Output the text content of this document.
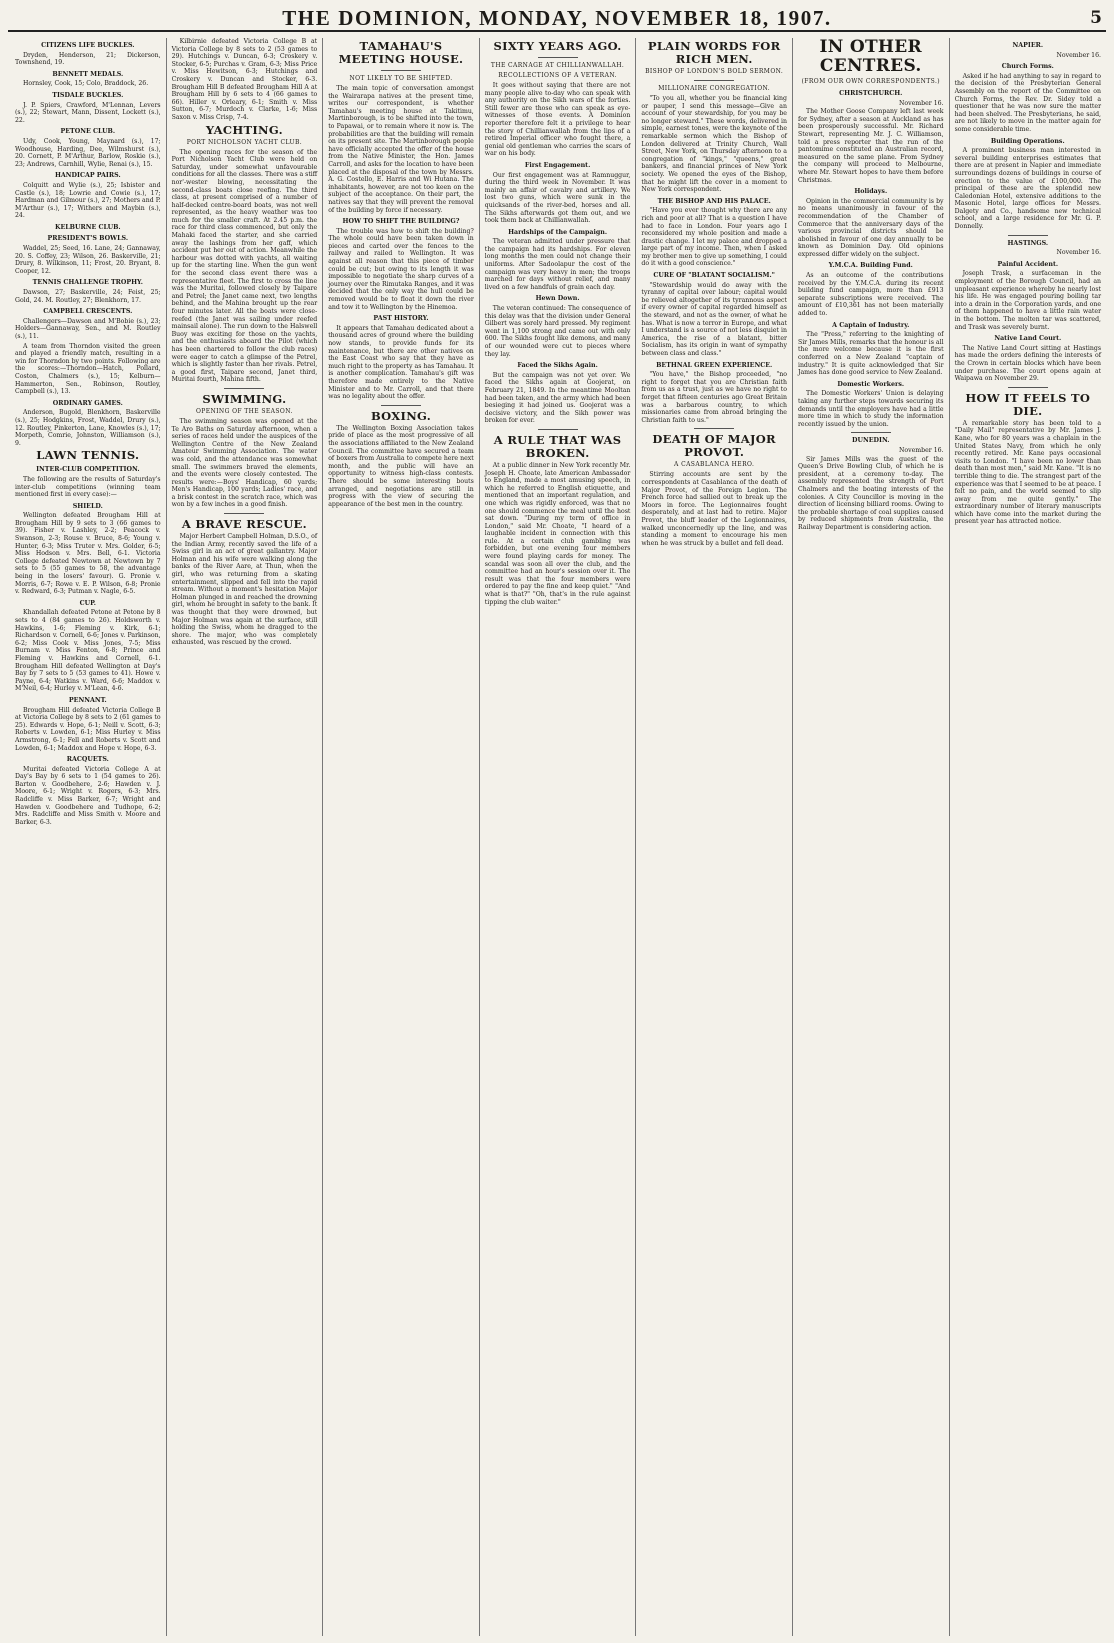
THE DOMINION, MONDAY, NOVEMBER 18, 1907.	5
CITIZENS LIFE BUCKLES.

Dryden, Henderson, 21; Dickerson, Townshend, 19.

BENNETT MEDALS.

Hornsley, Cook, 15; Colo, Braddock, 26.

TISDALE BUCKLES.

J. P. Spiers, Crawford, M'Lennan, Levers (s.), 22; Stewart, Mann, Dissent, Lockett (s.), 22.

PETONE CLUB.

Udy, Cook, Young, Maynard (s.), 17; Woodhouse, Harding, Dee, Wilmshurst (s.), 20. Cornett, P. M'Arthur, Barlow, Roskie (s.), 23; Andrews, Carnhill, Wylie, Renai (s.), 15.

HANDICAP PAIRS.

Colquitt and Wylie (s.), 25; Isbister and Castle (s.), 18; Lowrie and Cowie (s.), 17; Hardman and Gilmour (s.), 27; Mothers and P. M'Arthur (s.), 17; Withers and Maybin (s.), 24.

KELBURNE CLUB.
PRESIDENT'S BOWLS.

Waddel, 25; Seed, 16. Lane, 24; Gannaway, 20. S. Coffey, 23; Wilson, 26. Baskerville, 21; Drury, 8. Wilkinson, 11; Frost, 20. Bryant, 8. Cooper, 12.

TENNIS CHALLENGE TROPHY.

Dawson, 27; Baskerville, 24; Feist, 25; Gold, 24. M. Routley, 27; Blenkhorn, 17.

CAMPBELL CRESCENTS.

Challengers—Dawson and M'Bobie (s.), 23; Holders—Gannaway, Sen., and M. Routley (s.), 11.

A team from Thorndon visited the green and played a friendly match, resulting in a win for Thorndon by two points. Following are the scores:—Thorndon—Hatch, Pollard, Coston, Chalmers (s.), 15; Kelburn—Hammerton, Sen., Robinson, Routley, Campbell (s.), 13.

ORDINARY GAMES.

Anderson, Bugold, Blenkhorn, Baskerville (s.), 25; Hodgkins, Frost, Waddel, Drury (s.), 12. Routley, Pinkerton, Lane, Knowles (s.), 17; Morpeth, Comrie, Johnston, Williamson (s.), 9.

LAWN TENNIS.
INTER-CLUB COMPETITION.

The following are the results of Saturday's inter-club competitions (winning team mentioned first in every case):—

SHIELD.

Wellington defeated Brougham Hill at Brougham Hill by 9 sets to 3 (66 games to 39). Fisher v. Lashley, 2-2; Peacock v. Swanson, 2-3; Rouse v. Bruce, 8-6; Young v. Hunter, 6-3; Miss Truter v. Mrs. Golder, 6-5; Miss Hodson v. Mrs. Bell, 6-1. Victoria College defeated Newtown at Newtown by 7 sets to 5 (55 games to 58, the advantage being in the losers' favour). G. Pronie v. Morris, 6-7; Rowe v. E. P. Wilson, 6-8; Pronie v. Redward, 6-3; Putman v. Nagle, 6-5.

CUP.

Khandallah defeated Petone at Petone by 8 sets to 4 (84 games to 26). Holdsworth v. Hawkins, 1-6; Fleming v. Kirk, 6-1; Richardson v. Cornell, 6-6; Jones v. Parkinson, 6-2; Miss Cook v. Miss Jones, 7-5; Miss Burnam v. Miss Fenton, 6-8; Prince and Fleming v. Hawkins and Cornell, 6-1. Brougham Hill defeated Wellington at Day's Bay by 7 sets to 5 (53 games to 41). Howe v. Payne, 6-4; Watkins v. Ward, 6-6; Maddox v. M'Neil, 6-4; Hurley v. M'Lean, 4-6.

PENNANT.

Brougham Hill defeated Victoria College B at Victoria College by 8 sets to 2 (61 games to 25). Edwards v. Hope, 6-1; Neill v. Scott, 6-3; Roberts v. Lowden, 6-1; Miss Hurley v. Miss Armstrong, 6-1; Fell and Roberts v. Scott and Lowden, 6-1; Maddox and Hope v. Hope, 6-3.

RACQUETS.

Muritai defeated Victoria College A at Day's Bay by 6 sets to 1 (54 games to 26). Barton v. Goodbehere, 2-6; Hawden v. J. Moore, 6-1; Wright v. Rogers, 6-3; Mrs. Radcliffe v. Miss Barker, 6-7; Wright and Hawden v. Goodbehere and Tudhope, 6-2; Mrs. Radcliffe and Miss Smith v. Moore and Barker, 6-3.

Kilbirnie defeated Victoria College B at Victoria College by 8 sets to 2 (53 games to 29). Hutchings v. Duncan, 6-3; Croskery v. Stocker, 6-5; Purchas v. Gram, 6-3; Miss Price v. Miss Hewitson, 6-3; Hutchings and Croskery v. Duncan and Stocker, 6-3. Brougham Hill B defeated Brougham Hill A at Brougham Hill by 6 sets to 4 (66 games to 66). Hiller v. Orleary, 6-1; Smith v. Miss Sutton, 6-7; Murdoch v. Clarke, 1-6; Miss Saxon v. Miss Crisp, 7-4.

YACHTING.
PORT NICHOLSON YACHT CLUB.

The opening races for the season of the Port Nicholson Yacht Club were held on Saturday, under somewhat unfavourable conditions for all the classes. There was a stiff nor'-wester blowing, necessitating the second-class boats close reefing. The third class, at present comprised of a number of half-decked centre-board boats, was not well represented, as the heavy weather was too much for the smaller craft. At 2.45 p.m. the race for third class commenced, but only the Mahaki faced the starter, and she carried away the lashings from her gaff, which accident put her out of action. Meanwhile the harbour was dotted with yachts, all waiting up for the starting line. When the gun went for the second class event there was a representative fleet. The first to cross the line was the Muritai, followed closely by Taipare and Petrel; the Janet came next, two lengths behind, and the Mahina brought up the rear four minutes later. All the boats were close-reefed (the Janet was sailing under reefed mainsail alone). The run down to the Halswell Buoy was exciting for those on the yachts, and the enthusiasts aboard the Pilot (which has been chartered to follow the club races) were eager to catch a glimpse of the Petrel, which is slightly faster than her rivals. Petrel, a good first, Taipare second, Janet third, Muritai fourth, Mahina fifth.

SWIMMING.
OPENING OF THE SEASON.

The swimming season was opened at the Te Aro Baths on Saturday afternoon, when a series of races held under the auspices of the Wellington Centre of the New Zealand Amateur Swimming Association. The water was cold, and the attendance was somewhat small. The swimmers braved the elements, and the events were closely contested. The results were:—Boys' Handicap, 60 yards; Men's Handicap, 100 yards; Ladies' race, and a brisk contest in the scratch race, which was won by a few inches in a good finish.

A BRAVE RESCUE.

Major Herbert Campbell Holman, D.S.O., of the Indian Army, recently saved the life of a Swiss girl in an act of great gallantry. Major Holman and his wife were walking along the banks of the River Aare, at Thun, when the girl, who was returning from a skating entertainment, slipped and fell into the rapid stream. Without a moment's hesitation Major Holman plunged in and reached the drowning girl, whom he brought in safety to the bank. It was thought that they were drowned, but Major Holman was again at the surface, still holding the Swiss, whom he dragged to the shore. The major, who was completely exhausted, was rescued by the crowd.

TAMAHAU'S MEETING HOUSE.
NOT LIKELY TO BE SHIFTED.

The main topic of conversation amongst the Wairarapa natives at the present time, writes our correspondent, is whether Tamahau's meeting house at Takitimu, Martinborough, is to be shifted into the town, to Papawai, or to remain where it now is. The probabilities are that the building will remain on its present site. The Martinborough people have officially accepted the offer of the house from the Native Minister, the Hon. James Carroll, and asks for the location to have been placed at the disposal of the town by Messrs. A. G. Costello, E. Harris and Wi Hutana. The inhabitants, however, are not too keen on the subject of the acceptance. On their part, the natives say that they will prevent the removal of the building by force if necessary.

HOW TO SHIFT THE BUILDING?

The trouble was how to shift the building? The whole could have been taken down in pieces and carted over the fences to the railway and railed to Wellington. It was against all reason that this piece of timber could be cut; but owing to its length it was impossible to negotiate the sharp curves of a journey over the Rimutaka Ranges, and it was decided that the only way the hull could be removed would be to float it down the river and tow it to Wellington by the Hinemoa.

PAST HISTORY.

It appears that Tamahau dedicated about a thousand acres of ground where the building now stands, to provide funds for its maintenance, but there are other natives on the East Coast who say that they have as much right to the property as has Tamahau. It is another complication. Tamahau's gift was therefore made entirely to the Native Minister and to Mr. Carroll, and that there was no legality about the offer.

BOXING.

The Wellington Boxing Association takes pride of place as the most progressive of all the associations affiliated to the New Zealand Council. The committee have secured a team of boxers from Australia to compete here next month, and the public will have an opportunity to witness high-class contests. There should be some interesting bouts arranged, and negotiations are still in progress with the view of securing the appearance of the best men in the country.

SIXTY YEARS AGO.
THE CARNAGE AT CHILLIANWALLAH.
RECOLLECTIONS OF A VETERAN.

It goes without saying that there are not many people alive to-day who can speak with any authority on the Sikh wars of the forties. Still fewer are those who can speak as eye-witnesses of those events. A Dominion reporter therefore felt it a privilege to hear the story of Chillianwallah from the lips of a retired Imperial officer who fought there, a genial old gentleman who carries the scars of war on his body.

First Engagement.

Our first engagement was at Ramnuggur, during the third week in November. It was mainly an affair of cavalry and artillery. We lost two guns, which were sunk in the quicksands of the river-bed, horses and all. The Sikhs afterwards got them out, and we took them back at Chillianwallah.

Hardships of the Campaign.

The veteran admitted under pressure that the campaign had its hardships. For eleven long months the men could not change their uniforms. After Sadoolapur the cost of the campaign was very heavy in men; the troops marched for days without relief, and many lived on a few handfuls of grain each day.

Hewn Down.

The veteran continued: The consequence of this delay was that the division under General Gilbert was sorely hard pressed. My regiment went in 1,100 strong and came out with only 600. The Sikhs fought like demons, and many of our wounded were cut to pieces where they lay.

Faced the Sikhs Again.

But the campaign was not yet over. We faced the Sikhs again at Goojerat, on February 21, 1849. In the meantime Mooltan had been taken, and the army which had been besieging it had joined us. Goojerat was a decisive victory, and the Sikh power was broken for ever.

A RULE THAT WAS BROKEN.

At a public dinner in New York recently Mr. Joseph H. Choate, late American Ambassador to England, made a most amusing speech, in which he referred to English etiquette, and mentioned that an important regulation, and one which was rigidly enforced, was that no one should commence the meal until the host sat down. "During my term of office in London," said Mr. Choate, "I heard of a laughable incident in connection with this rule. At a certain club gambling was forbidden, but one evening four members were found playing cards for money. The scandal was soon all over the club, and the committee had an hour's session over it. The result was that the four members were ordered to pay the fine and keep quiet." "And what is that?" "Oh, that's in the rule against tipping the club waiter."

PLAIN WORDS FOR RICH MEN.
BISHOP OF LONDON'S BOLD SERMON.
MILLIONAIRE CONGREGATION.

"To you all, whether you be financial king or pauper, I send this message—Give an account of your stewardship, for you may be no longer steward." These words, delivered in simple, earnest tones, were the keynote of the remarkable sermon which the Bishop of London delivered at Trinity Church, Wall Street, New York, on Thursday afternoon to a congregation of "kings," "queens," great bankers, and financial princes of New York society. We opened the eyes of the Bishop, that he might lift the cover in a moment to New York correspondent.

THE BISHOP AND HIS PALACE.

"Have you ever thought why there are any rich and poor at all? That is a question I have had to face in London. Four years ago I reconsidered my whole position and made a drastic change. I let my palace and dropped a large part of my income. Then, when I asked my brother men to give up something, I could do it with a good conscience."

CURE OF "BLATANT SOCIALISM."

"Stewardship would do away with the tyranny of capital over labour; capital would be relieved altogether of its tyrannous aspect if every owner of capital regarded himself as the steward, and not as the owner, of what he has. What is now a terror in Europe, and what I understand is a source of not less disquiet in America, the rise of a blatant, bitter Socialism, has its origin in want of sympathy between class and class."

BETHNAL GREEN EXPERIENCE.

"You have," the Bishop proceeded, "no right to forget that you are Christian faith from us as a trust, just as we have no right to forget that fifteen centuries ago Great Britain was a barbarous country, to which missionaries came from abroad bringing the Christian faith to us."

DEATH OF MAJOR PROVOT.
A CASABLANCA HERO.

Stirring accounts are sent by the correspondents at Casablanca of the death of Major Provot, of the Foreign Legion. The French force had sallied out to break up the Moors in force. The Legionnaires fought desperately, and at last had to retire. Major Provot, the bluff leader of the Legionnaires, walked unconcernedly up the line, and was standing a moment to encourage his men when he was struck by a bullet and fell dead.

IN OTHER CENTRES.
(FROM OUR OWN CORRESPONDENTS.)
CHRISTCHURCH.
November 16.

The Mother Goose Company left last week for Sydney, after a season at Auckland as has been prosperously successful. Mr. Richard Stewart, representing Mr. J. C. Williamson, told a press reporter that the run of the pantomime constituted an Australian record, measured on the same plane. From Sydney the company will proceed to Melbourne, where Mr. Stewart hopes to have them before Christmas.

Holidays.

Opinion in the commercial community is by no means unanimously in favour of the recommendation of the Chamber of Commerce that the anniversary days of the various provincial districts should be abolished in favour of one day annually to be known as Dominion Day. Old opinions expressed differ widely on the subject.

Y.M.C.A. Building Fund.

As an outcome of the contributions received by the Y.M.C.A. during its recent building fund campaign, more than £913 separate subscriptions were received. The amount of £10,361 has not been materially added to.

A Captain of Industry.

The "Press," referring to the knighting of Sir James Mills, remarks that the honour is all the more welcome because it is the first conferred on a New Zealand "captain of industry." It is quite acknowledged that Sir James has done good service to New Zealand.

Domestic Workers.

The Domestic Workers' Union is delaying taking any further steps towards securing its demands until the employers have had a little more time in which to study the information recently issued by the union.

DUNEDIN.
November 16.

Sir James Mills was the guest of the Queen's Drive Bowling Club, of which he is president, at a ceremony to-day. The assembly represented the strength of Port Chalmers and the boating interests of the colonies. A City Councillor is moving in the direction of licensing billiard rooms. Owing to the probable shortage of coal supplies caused by reduced shipments from Australia, the Railway Department is considering action.

NAPIER.
November 16.
Church Forms.

Asked if he had anything to say in regard to the decision of the Presbyterian General Assembly on the report of the Committee on Church Forms, the Rev. Dr. Sidey told a questioner that he was now sure the matter had been shelved. The Presbyterians, he said, are not likely to move in the matter again for some considerable time.

Building Operations.

A prominent business man interested in several building enterprises estimates that there are at present in Napier and immediate surroundings dozens of buildings in course of erection to the value of £100,000. The principal of these are the splendid new Caledonian Hotel, extensive additions to the Masonic Hotel, large offices for Messrs. Dalgety and Co., handsome new technical school, and a large residence for Mr. G. P. Donnelly.

HASTINGS.
November 16.
Painful Accident.

Joseph Trask, a surfaceman in the employment of the Borough Council, had an unpleasant experience whereby he nearly lost his life. He was engaged pouring boiling tar into a drain in the Corporation yards, and one of them happened to have a little rain water in the bottom. The molten tar was scattered, and Trask was severely burnt.

Native Land Court.

The Native Land Court sitting at Hastings has made the orders defining the interests of the Crown in certain blocks which have been under purchase. The court opens again at Waipawa on November 29.

HOW IT FEELS TO DIE.

A remarkable story has been told to a "Daily Mail" representative by Mr. James J. Kane, who for 80 years was a chaplain in the United States Navy, from which he only recently retired. Mr. Kane pays occasional visits to London. "I have been no lower than death than most men," said Mr. Kane. "It is no terrible thing to die. The strangest part of the experience was that I seemed to be at peace. I felt no pain, and the world seemed to slip away from me quite gently." The extraordinary number of literary manuscripts which have come into the market during the present year has attracted notice.
